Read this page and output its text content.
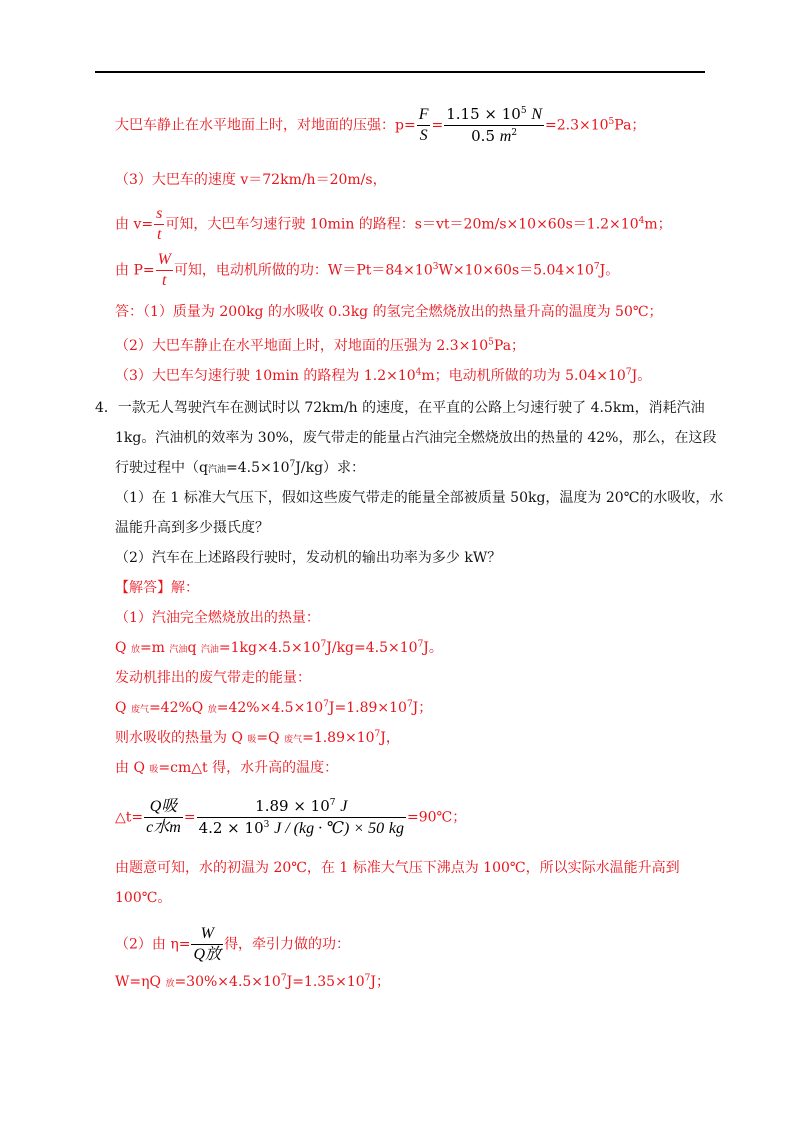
大巴车静止在水平地面上时，对地面的压强：$p= \frac{F}{S} = \frac{1.15 \times 10^5 N}{0.5 m^2} =2.3\times 10^5Pa$；
（3）大巴车的速度 v＝72km/h＝20m/s，
由 $v= \frac{s}{t}$ 可知，大巴车匀速行驶 10min 的路程：$s=vt=20m/s\times 10\times 60s=1.2\times 10^4m$；
由 $P= \frac{W}{t}$ 可知，电动机所做的功：$W=Pt=84\times 10^3W\times 10\times 60s=5.04\times 10^7J$。
答：（1）质量为 200kg 的水吸收 0.3kg 的氢完全燃烧放出的热量升高的温度为 50℃；
（2）大巴车静止在水平地面上时，对地面的压强为 $2.3\times 10^5Pa$；
（3）大巴车匀速行驶 10min 的路程为 $1.2\times 10^4m$；电动机所做的功为 $5.04\times 10^7J$。
4．一款无人驾驶汽车在测试时以 72km/h 的速度，在平直的公路上匀速行驶了 4.5km，消耗汽油
1kg。汽油机的效率为 30%，废气带走的能量占汽油完全燃烧放出的热量的 42%，那么，在这段
行驶过程中（q汽油$=4.5\times 10^7J/kg$）求：
（1）在 1 标准大气压下，假如这些废气带走的能量全部被质量 50kg，温度为 20℃的水吸收，水
温能升高到多少摄氏度？
（2）汽车在上述路段行驶时，发动机的输出功率为多少 kW？
【解答】解：
（1）汽油完全燃烧放出的热量：
Q 放=m 汽油q 汽油$=1kg\times 4.5\times 10^7J/kg=4.5\times 10^7J$。
发动机排出的废气带走的能量：
Q 废气=42%Q 放$=42\%\times 4.5\times 10^7J=1.89\times 10^7J$；
则水吸收的热量为 Q 吸=Q 废气$=1.89\times 10^7J$，
由 Q 吸=cm△t 得，水升高的温度：
△t= $\frac{\text{Q吸}}{\text{c水m}} = \frac{1.89 \times 10^7 J}{4.2 \times 10^3 J / (kg \cdot ℃) \times 50 kg}$ =90℃；
由题意可知，水的初温为 20℃，在 1 标准大气压下沸点为 100℃，所以实际水温能升高到
100℃。
（2）由 $\eta= \frac{W}{\text{Q放}}$ 得，牵引力做的功：
W=ηQ 放$=30\%\times 4.5\times 10^7J=1.35\times 10^7J$；
